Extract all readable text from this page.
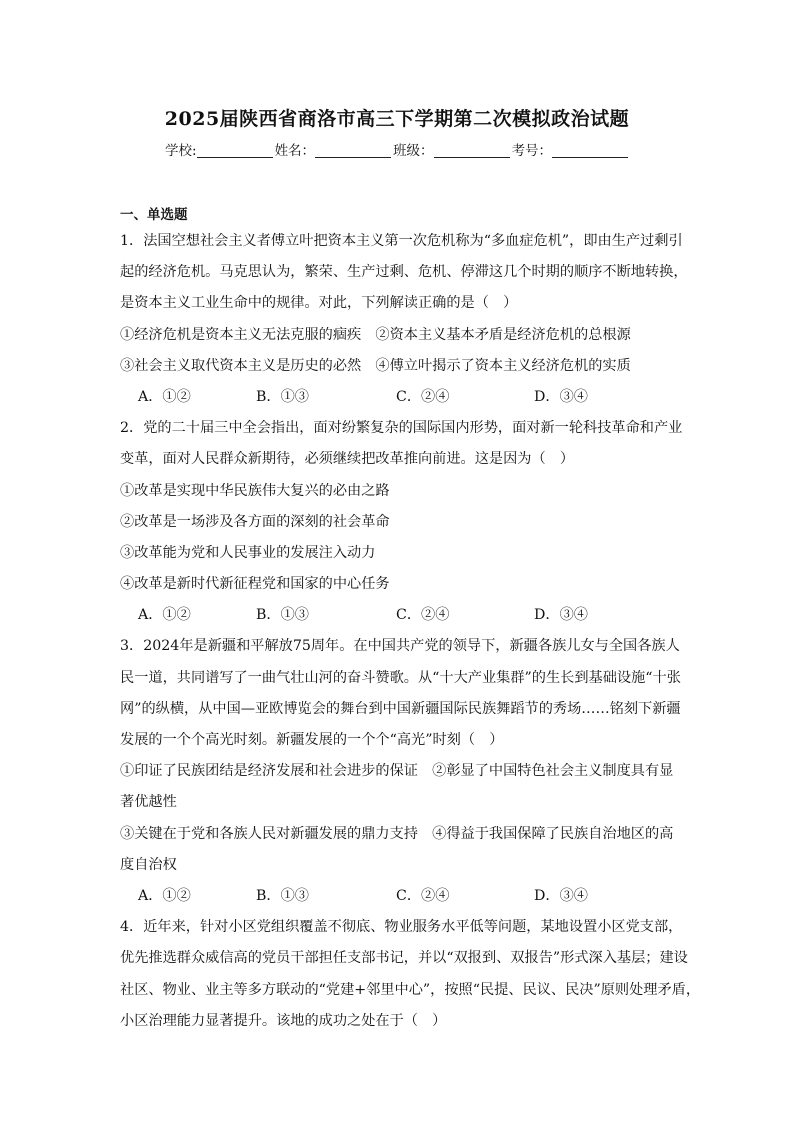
2025届陕西省商洛市高三下学期第二次模拟政治试题
学校:	姓名：	班级：	考号：
一、单选题
1．法国空想社会主义者傅立叶把资本主义第一次危机称为“多血症危机”，即由生产过剩引
起的经济危机。马克思认为，繁荣、生产过剩、危机、停滞这几个时期的顺序不断地转换，
是资本主义工业生命中的规律。对此，下列解读正确的是（　）
①经济危机是资本主义无法克服的痼疾　②资本主义基本矛盾是经济危机的总根源
③社会主义取代资本主义是历史的必然　④傅立叶揭示了资本主义经济危机的实质
A．①②	B．①③	C．②④	D．③④
2．党的二十届三中全会指出，面对纷繁复杂的国际国内形势，面对新一轮科技革命和产业
变革，面对人民群众新期待，必须继续把改革推向前进。这是因为（　）
①改革是实现中华民族伟大复兴的必由之路
②改革是一场涉及各方面的深刻的社会革命
③改革能为党和人民事业的发展注入动力
④改革是新时代新征程党和国家的中心任务
A．①②	B．①③	C．②④	D．③④
3．2024年是新疆和平解放75周年。在中国共产党的领导下，新疆各族儿女与全国各族人
民一道，共同谱写了一曲气壮山河的奋斗赞歌。从“十大产业集群”的生长到基础设施“十张
网”的纵横，从中国—亚欧博览会的舞台到中国新疆国际民族舞蹈节的秀场……铭刻下新疆
发展的一个个高光时刻。新疆发展的一个个“高光”时刻（　）
①印证了民族团结是经济发展和社会进步的保证　②彰显了中国特色社会主义制度具有显
著优越性
③关键在于党和各族人民对新疆发展的鼎力支持　④得益于我国保障了民族自治地区的高
度自治权
A．①②	B．①③	C．②④	D．③④
4．近年来，针对小区党组织覆盖不彻底、物业服务水平低等问题，某地设置小区党支部，
优先推选群众威信高的党员干部担任支部书记，并以“双报到、双报告”形式深入基层；建设
社区、物业、业主等多方联动的“党建+邻里中心”，按照“民提、民议、民决”原则处理矛盾，
小区治理能力显著提升。该地的成功之处在于（　）
